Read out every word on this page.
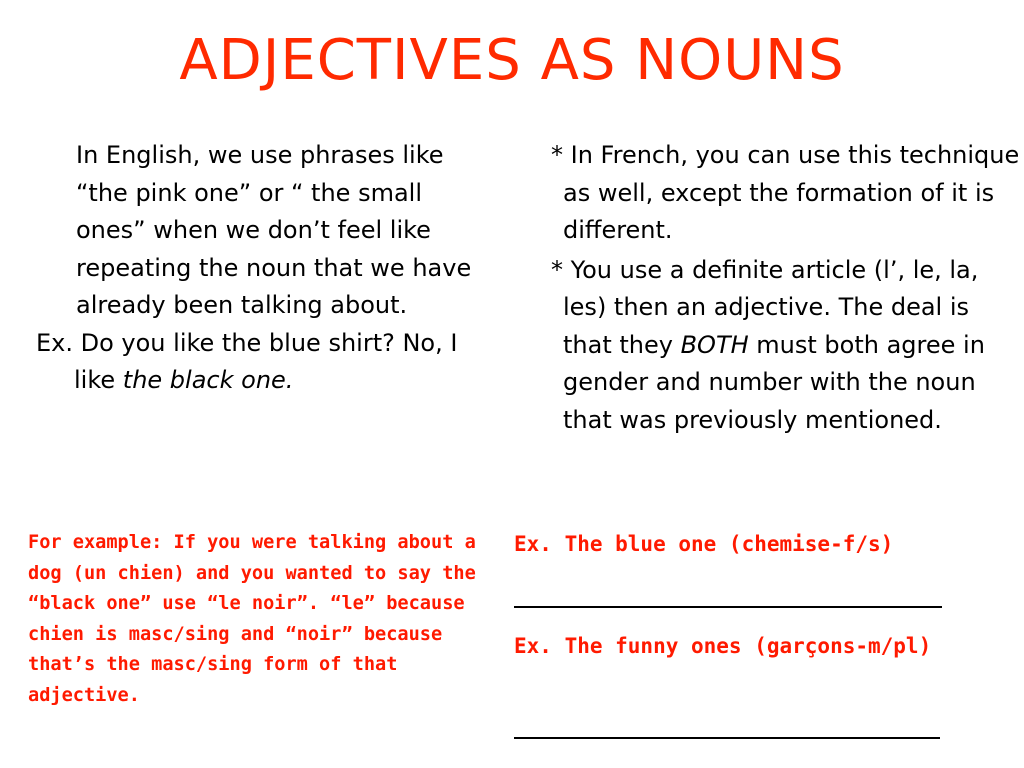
ADJECTIVES AS NOUNS

In English, we use phrases like “the pink one” or “ the small ones” when we don’t feel like repeating the noun that we have already been talking about.

Ex. Do you like the blue shirt? No, I like the black one.

* In French, you can use this technique as well, except the formation of it is different.

* You use a definite article (l’, le, la, les) then an adjective. The deal is that they BOTH must both agree in gender and number with the noun that was previously mentioned.

For example: If you were talking about a dog (un chien) and you wanted to say the “black one” use “le noir”. “le” because chien is masc/sing and “noir” because that’s the masc/sing form of that adjective.
Ex. The blue one (chemise-f/s)
Ex. The funny ones (garçons-m/pl)
